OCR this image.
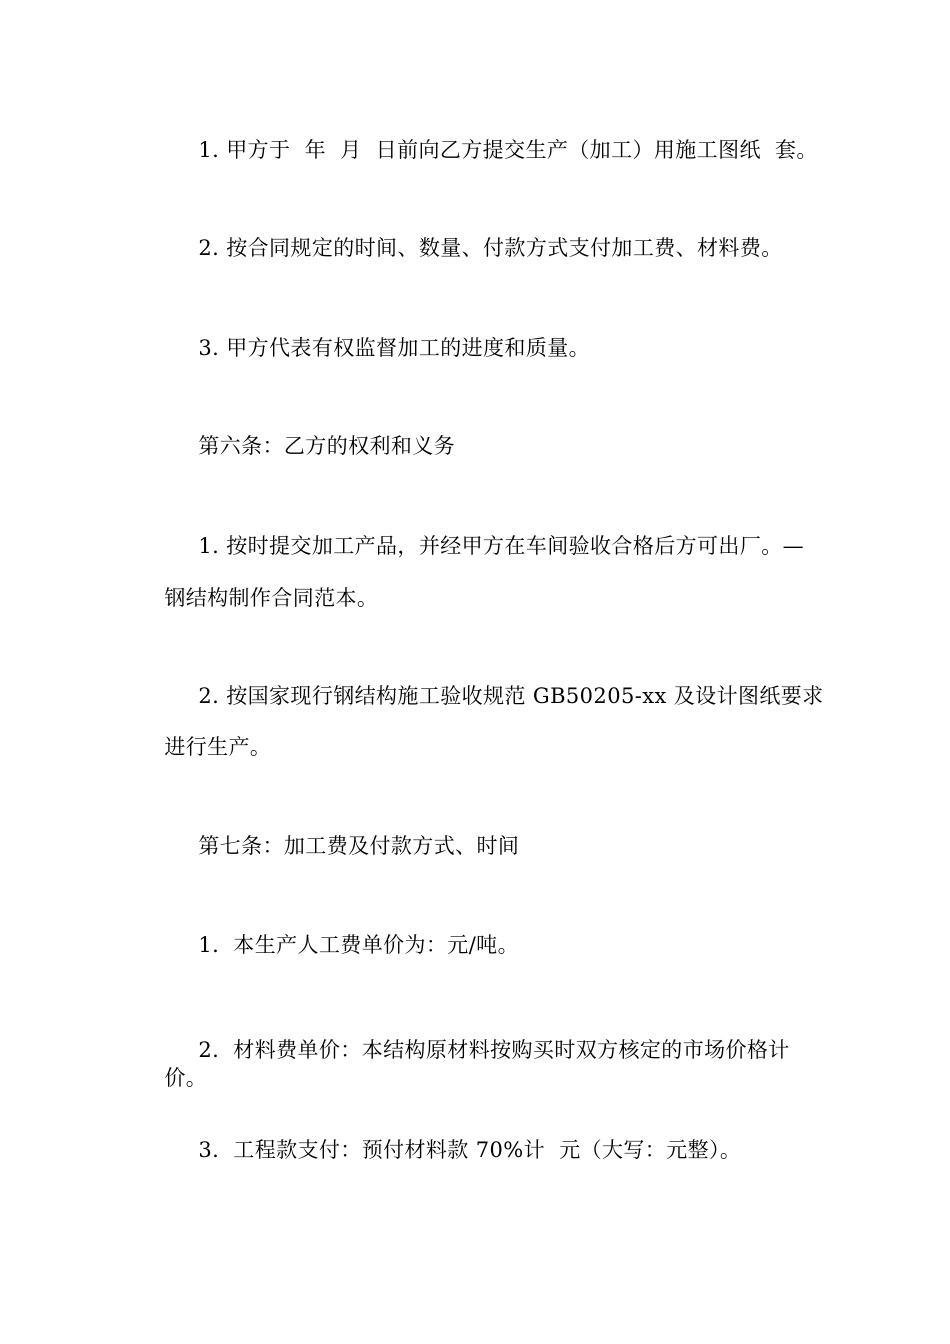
1. 甲方于  年  月  日前向乙方提交生产（加工）用施工图纸  套。

2. 按合同规定的时间、数量、付款方式支付加工费、材料费。

3. 甲方代表有权监督加工的进度和质量。

第六条：乙方的权利和义务

1. 按时提交加工产品，并经甲方在车间验收合格后方可出厂。—

钢结构制作合同范本。

2. 按国家现行钢结构施工验收规范 GB50205-xx 及设计图纸要求

进行生产。

第七条：加工费及付款方式、时间

1.  本生产人工费单价为：元/吨。

2.  材料费单价：本结构原材料按购买时双方核定的市场价格计

价。

3.  工程款支付：预付材料款 70%计  元（大写：元整）。
